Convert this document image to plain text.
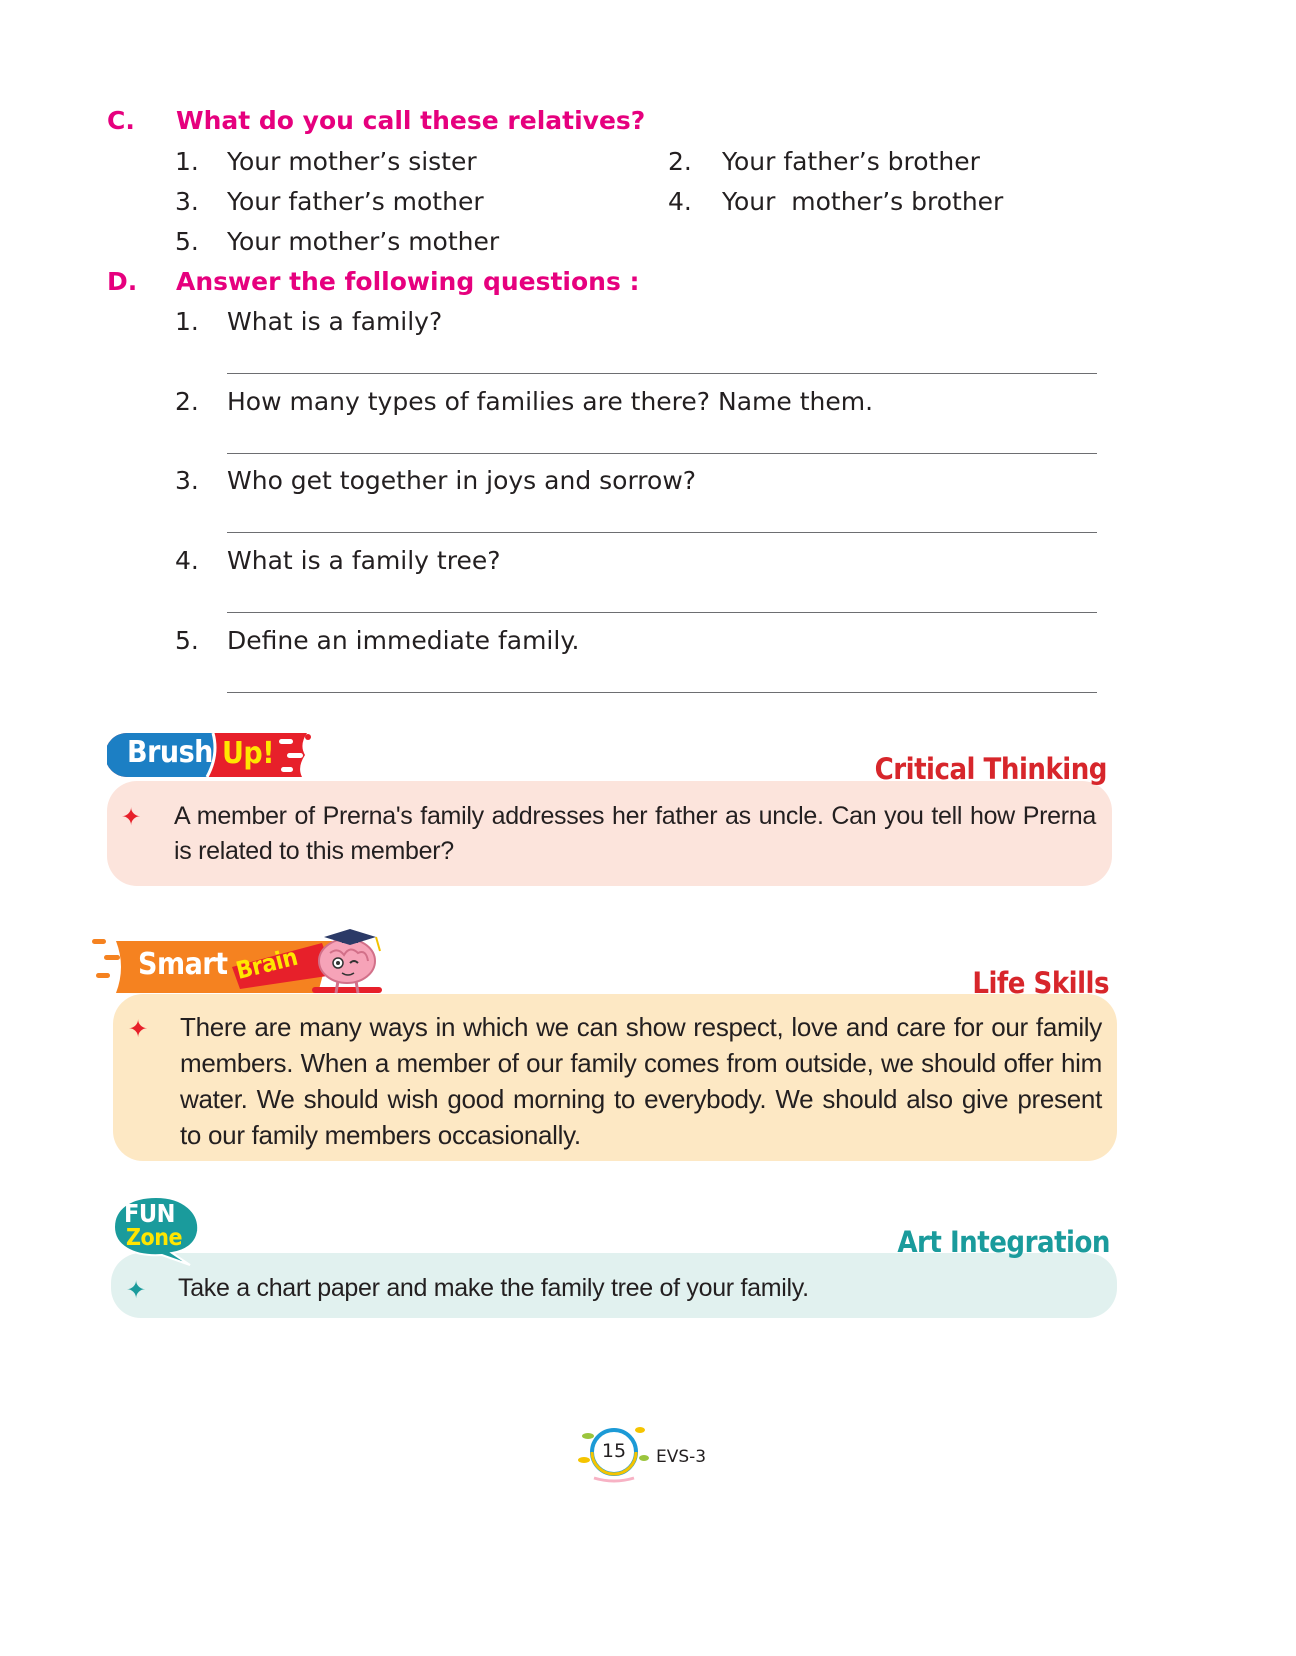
C. What do you call these relatives?
1. Your mother’s sister	2. Your father’s brother
3. Your father’s mother	4. Your  mother’s brother
5. Your mother’s mother
D. Answer the following questions :
1. What is a family?
2. How many types of families are there? Name them.
3. Who get together in joys and sorrow?
4. What is a family tree?
5. Define an immediate family.
Brush Up!	Critical Thinking
✦ A member of Prerna's family addresses her father as uncle. Can you tell how Prerna is related to this member?
Smart Brain	Life Skills
✦ There are many ways in which we can show respect, love and care for our family members. When a member of our family comes from outside, we should offer him water. We should wish good morning to everybody. We should also give present to our family members occasionally.
FUN
Zone	Art Integration
✦ Take a chart paper and make the family tree of your family.
15	EVS-3
